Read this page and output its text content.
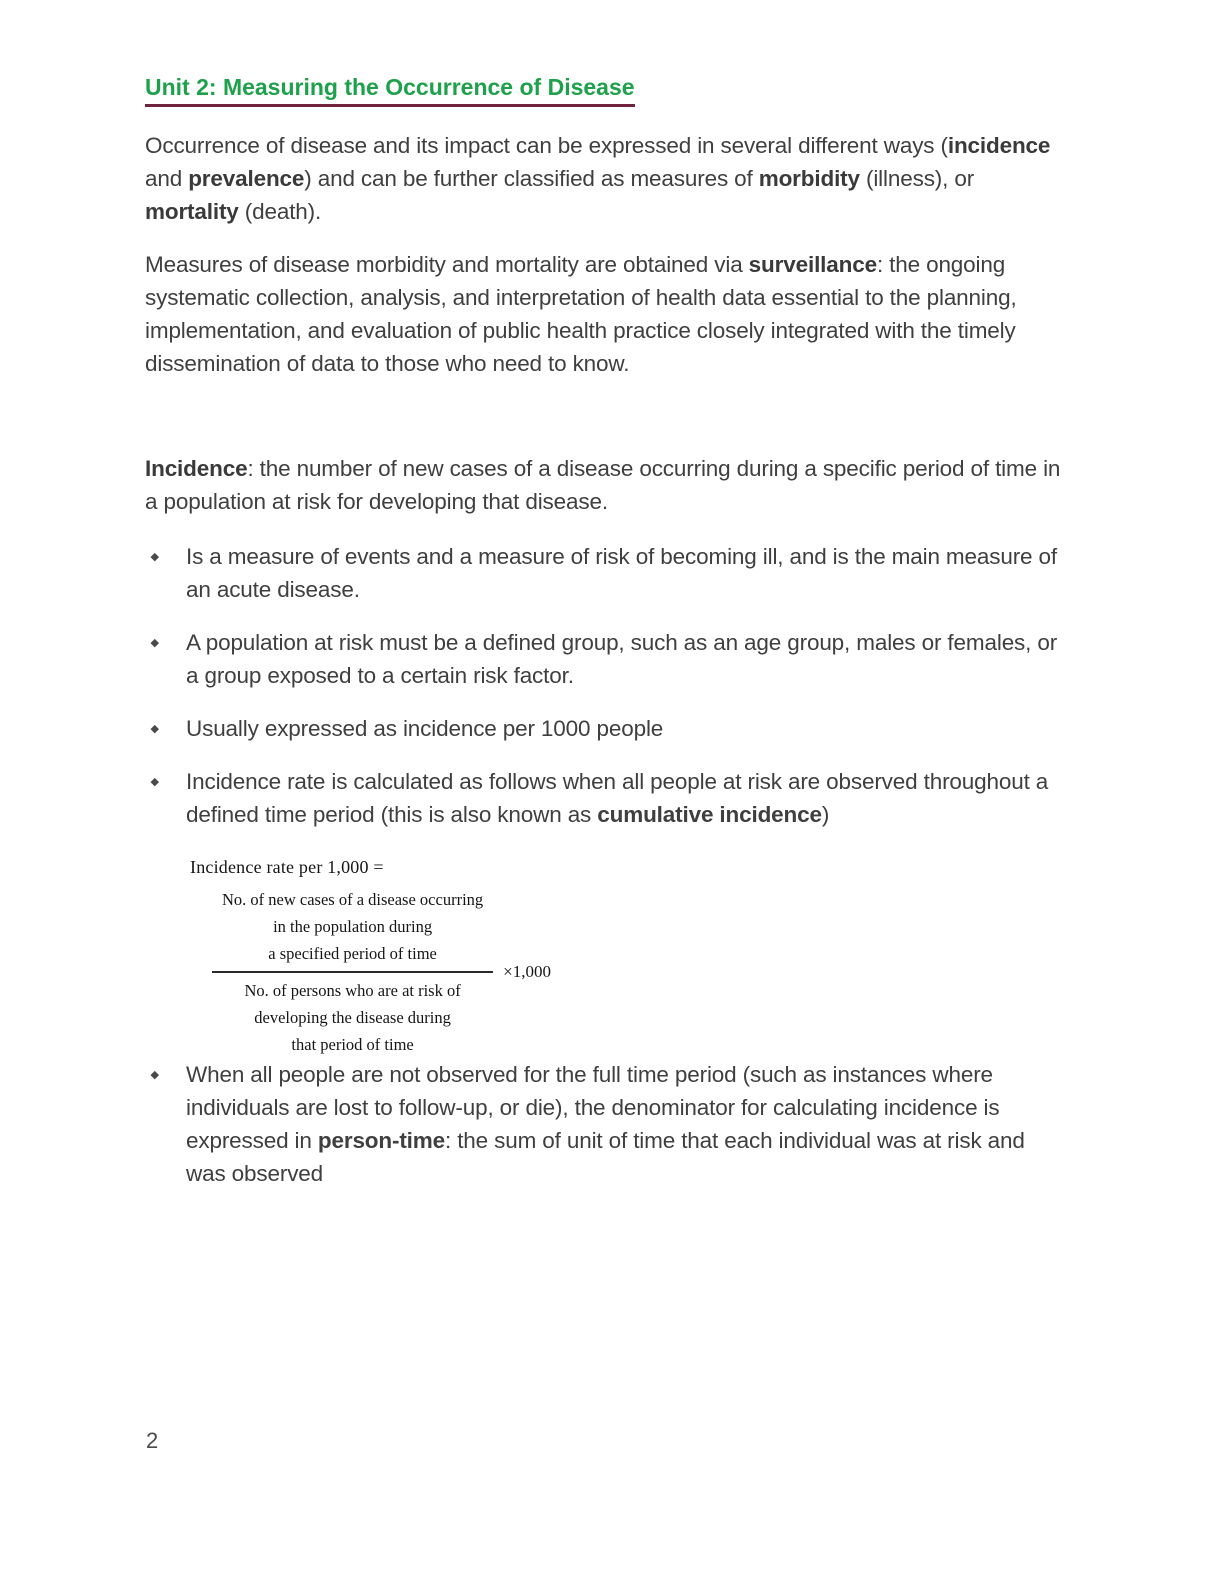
Unit 2: Measuring the Occurrence of Disease

Occurrence of disease and its impact can be expressed in several different ways (incidence and prevalence) and can be further classified as measures of morbidity (illness), or mortality (death).

Measures of disease morbidity and mortality are obtained via surveillance: the ongoing systematic collection, analysis, and interpretation of health data essential to the planning, implementation, and evaluation of public health practice closely integrated with the timely dissemination of data to those who need to know.

Incidence: the number of new cases of a disease occurring during a specific period of time in a population at risk for developing that disease.

Is a measure of events and a measure of risk of becoming ill, and is the main measure of an acute disease.
A population at risk must be a defined group, such as an age group, males or females, or a group exposed to a certain risk factor.
Usually expressed as incidence per 1000 people
Incidence rate is calculated as follows when all people at risk are observed throughout a defined time period (this is also known as cumulative incidence)
Incidence rate per 1,000 =
No. of new cases of a disease occurring
in the population during
a specified period of time
No. of persons who are at risk of
developing the disease during
that period of time
×1,000
When all people are not observed for the full time period (such as instances where individuals are lost to follow-up, or die), the denominator for calculating incidence is expressed in person-time: the sum of unit of time that each individual was at risk and was observed
2
